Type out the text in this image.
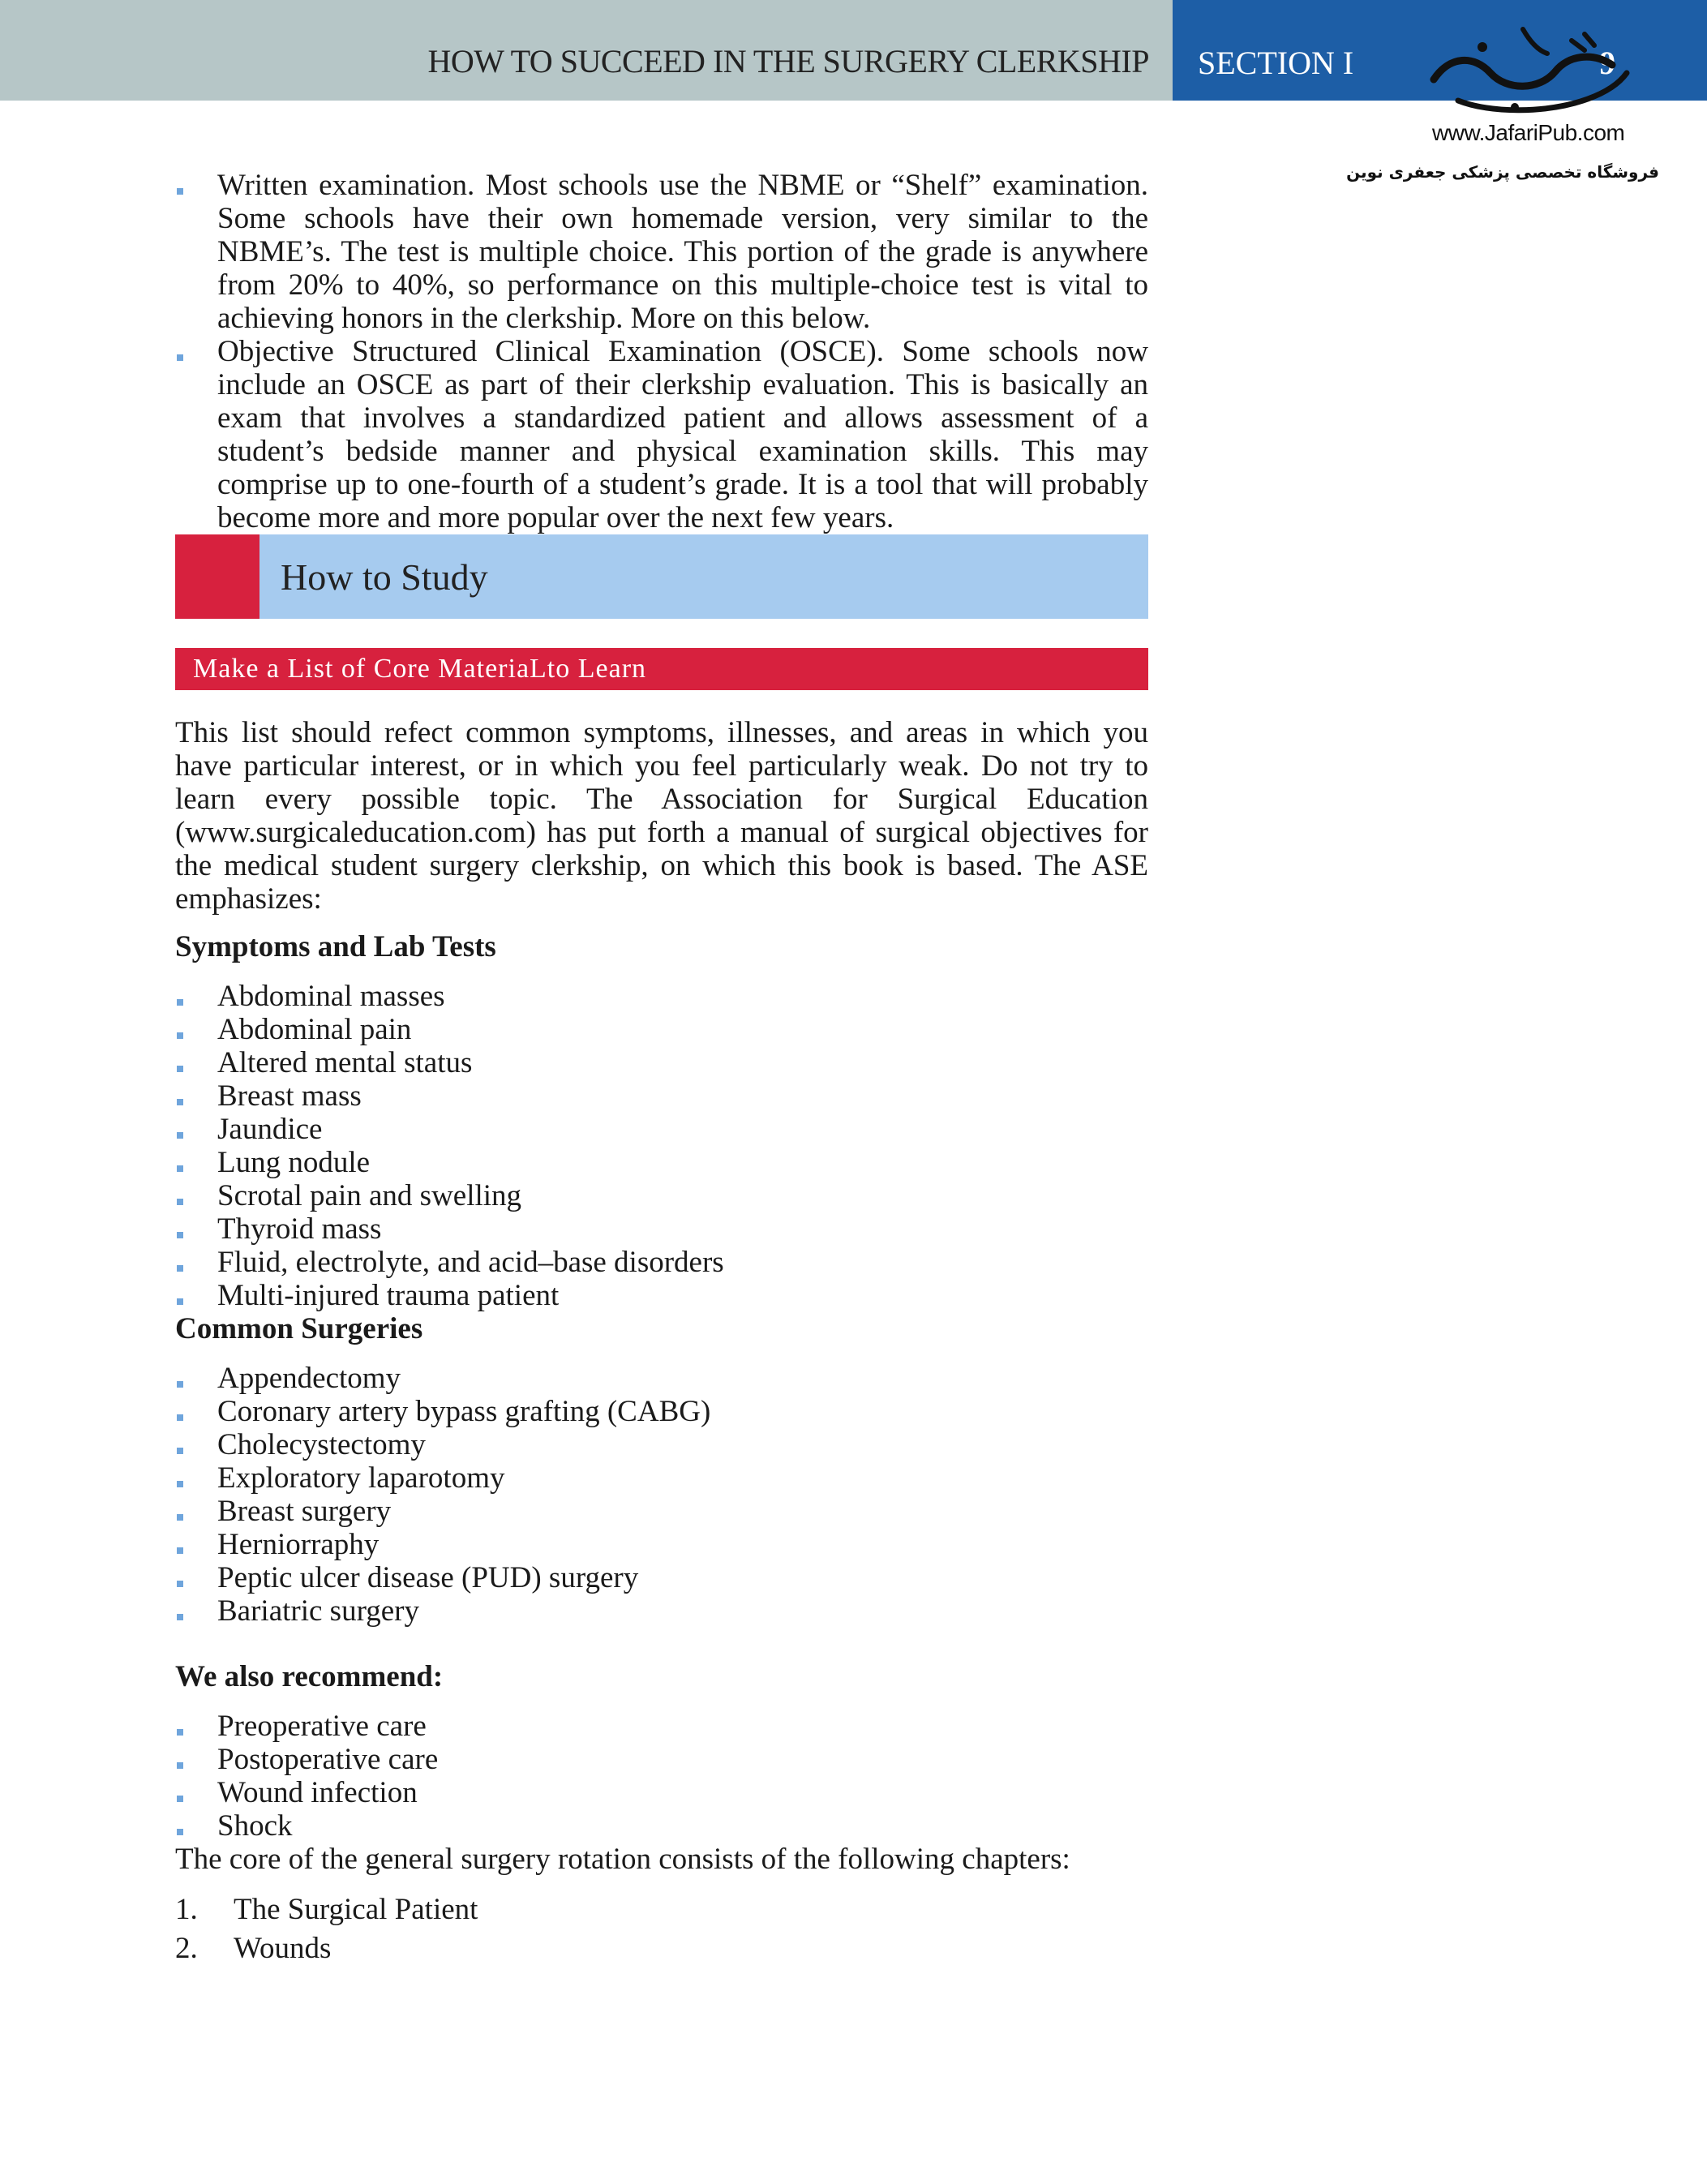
HOW TO SUCCEED IN THE SURGERY CLERKSHIP SECTION I	9
www.JafariPub.com
فروشگاه تخصصی پزشکی جعفری نوین
Written examination. Most schools use the NBME or “Shelf” examination. Some schools have their own homemade version, very similar to the NBME’s. The test is multiple choice. This portion of the grade is anywhere from 20% to 40%, so performance on this multiple-choice test is vital to achieving honors in the clerkship. More on this below.
Objective Structured Clinical Examination (OSCE). Some schools now include an OSCE as part of their clerkship evaluation. This is basically an exam that involves a standardized patient and allows assessment of a student’s bedside manner and physical examination skills. This may comprise up to one-fourth of a student’s grade. It is a tool that will probably become more and more popular over the next few years.
How to Study
Make a List of Core MateriaLto Learn

This list should refect common symptoms, illnesses, and areas in which you have particular interest, or in which you feel particularly weak. Do not try to learn every possible topic. The Association for Surgical Education (www.surgicaleducation.com) has put forth a manual of surgical objectives for the medical student surgery clerkship, on which this book is based. The ASE emphasizes:

Symptoms and Lab Tests
Abdominal masses
Abdominal pain
Altered mental status
Breast mass
Jaundice
Lung nodule
Scrotal pain and swelling
Thyroid mass
Fluid, electrolyte, and acid–base disorders
Multi-injured trauma patient
Common Surgeries
Appendectomy
Coronary artery bypass grafting (CABG)
Cholecystectomy
Exploratory laparotomy
Breast surgery
Herniorraphy
Peptic ulcer disease (PUD) surgery
Bariatric surgery
We also recommend:
Preoperative care
Postoperative care
Wound infection
Shock

The core of the general surgery rotation consists of the following chapters:

1. The Surgical Patient
2. Wounds
